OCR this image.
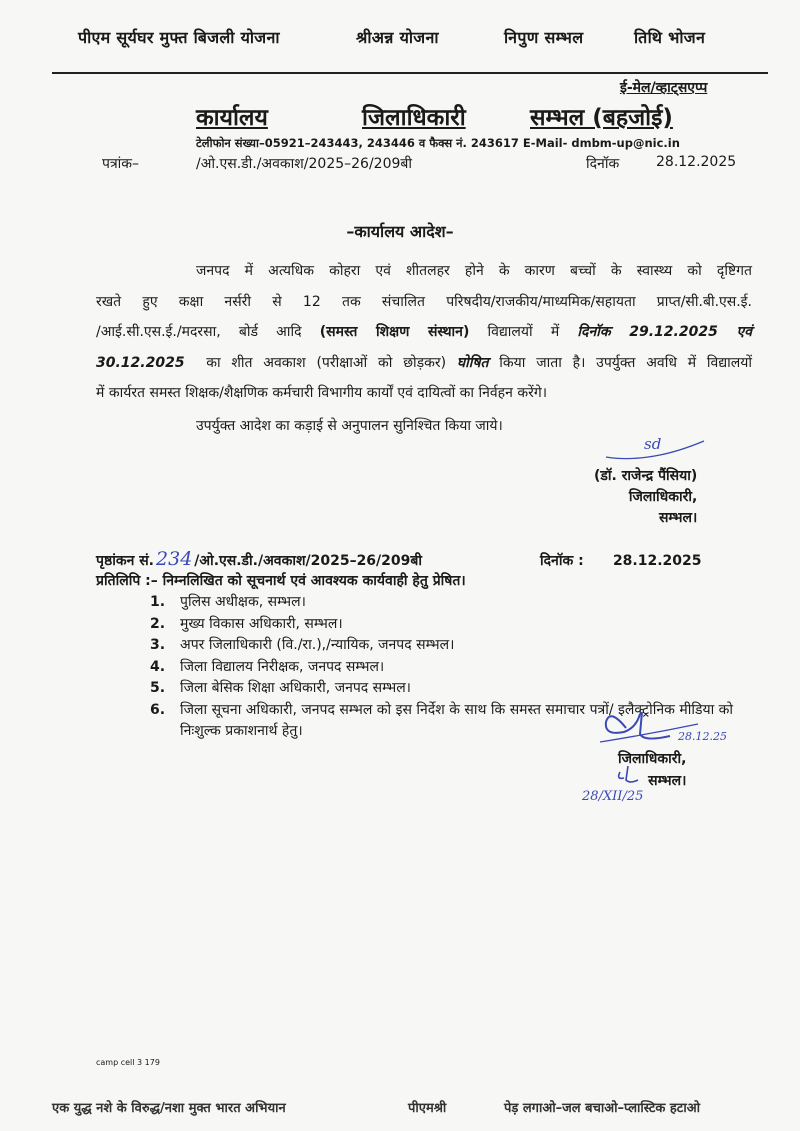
पीएम सूर्यघर मुफ्त बिजली योजना	श्रीअन्न योजना	निपुण सम्भल	तिथि भोजन
ई-मेल/व्हाट्सएप्प
कार्यालय	जिलाधिकारी	सम्भल (बहजोई)
टेलीफोन संख्या–05921–243443, 243446 व फैक्स नं. 243617 E-Mail- dmbm-up@nic.in
पत्रांक–	/ओ.एस.डी./अवकाश/2025–26/209बी	दिनॉक	28.12.2025
–कार्यालय आदेश–
जनपद में अत्यधिक कोहरा एवं शीतलहर होने के कारण बच्चों के स्वास्थ्य को दृष्टिगत
रखते हुए कक्षा नर्सरी से 12 तक संचालित परिषदीय/राजकीय/माध्यमिक/सहायता प्राप्त/सी.बी.एस.ई.
/आई.सी.एस.ई./मदरसा, बोर्ड आदि (समस्त शिक्षण संस्थान) विद्यालयों में दिनॉक 29.12.2025 एवं
30.12.2025 का शीत अवकाश (परीक्षाओं को छोड़कर) घोषित किया जाता है। उपर्युक्त अवधि में विद्यालयों
में कार्यरत समस्त शिक्षक/शैक्षणिक कर्मचारी विभागीय कार्यों एवं दायित्वों का निर्वहन करेंगे।
उपर्युक्त आदेश का कड़ाई से अनुपालन सुनिश्चित किया जाये।
sd
(डॉ. राजेन्द्र पैंसिया)
जिलाधिकारी,
सम्भल।
पृष्ठांकन सं. 234 /ओ.एस.डी./अवकाश/2025–26/209बी	दिनॉक : 28.12.2025
प्रतिलिपि :– निम्नलिखित को सूचनार्थ एवं आवश्यक कार्यवाही हेतु प्रेषित।
1.	पुलिस अधीक्षक, सम्भल।
2.	मुख्य विकास अधिकारी, सम्भल।
3.	अपर जिलाधिकारी (वि./रा.),/न्यायिक, जनपद सम्भल।
4.	जिला विद्यालय निरीक्षक, जनपद सम्भल।
5.	जिला बेसिक शिक्षा अधिकारी, जनपद सम्भल।
6.	जिला सूचना अधिकारी, जनपद सम्भल को इस निर्देश के साथ कि समस्त समाचार पत्रों/ इलैक्ट्रोनिक मीडिया को निःशुल्क प्रकाशनार्थ हेतु।	28.12.25
28/XII/25
जिलाधिकारी,
सम्भल।
camp cell 3 179
एक युद्ध नशे के विरुद्ध/नशा मुक्त भारत अभियान	पीएमश्री	पेड़ लगाओ–जल बचाओ–प्लास्टिक हटाओ
